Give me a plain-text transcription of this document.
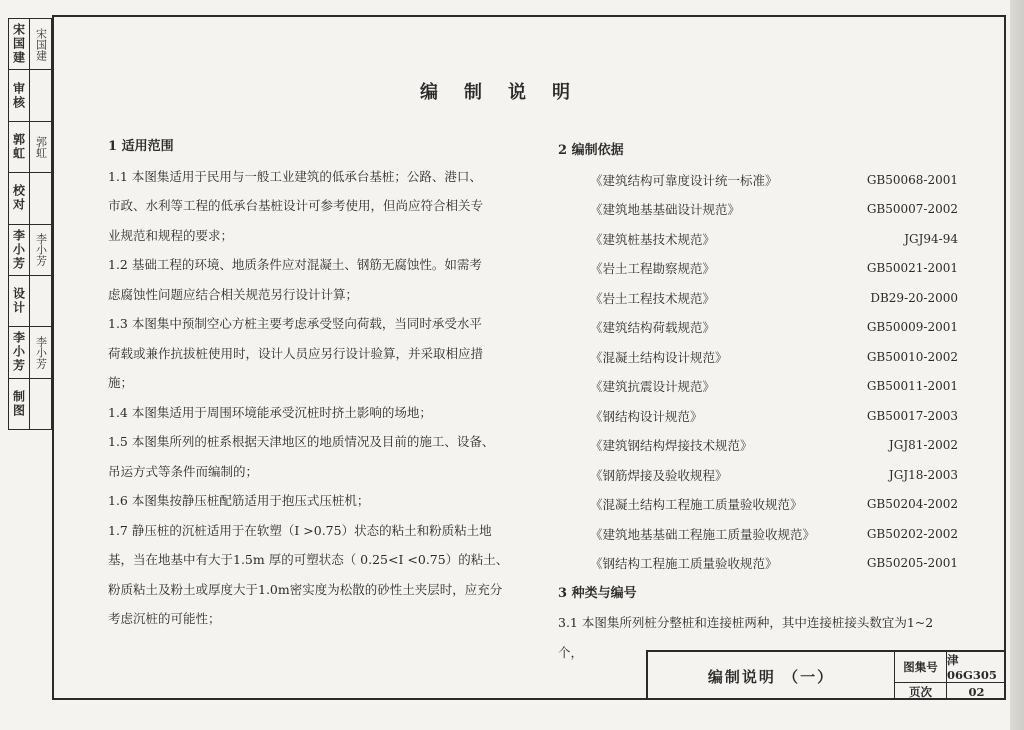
宋国建 宋国建
审核
郭虹 郭虹
校对
李小芳 李小芳
设计
李小芳 李小芳
制图
编制说明
1 适用范围
1.1 本图集适用于民用与一般工业建筑的低承台基桩；公路、港口、
市政、水利等工程的低承台基桩设计可参考使用，但尚应符合相关专
业规范和规程的要求；
1.2 基础工程的环境、地质条件应对混凝土、钢筋无腐蚀性。如需考
虑腐蚀性问题应结合相关规范另行设计计算；
1.3 本图集中预制空心方桩主要考虑承受竖向荷载，当同时承受水平
荷载或兼作抗拔桩使用时，设计人员应另行设计验算，并采取相应措
施；
1.4 本图集适用于周围环境能承受沉桩时挤土影响的场地；
1.5 本图集所列的桩系根据天津地区的地质情况及目前的施工、设备、
吊运方式等条件而编制的；
1.6 本图集按静压桩配筋适用于抱压式压桩机；
1.7 静压桩的沉桩适用于在软塑（I >0.75）状态的粘土和粉质粘土地
基，当在地基中有大于1.5m 厚的可塑状态（ 0.25<I <0.75）的粘土、
粉质粘土及粉土或厚度大于1.0m密实度为松散的砂性土夹层时，应充分
考虑沉桩的可能性；
2 编制依据
《建筑结构可靠度设计统一标准》	GB50068-2001
《建筑地基基础设计规范》	GB50007-2002
《建筑桩基技术规范》	JGJ94-94
《岩土工程勘察规范》	GB50021-2001
《岩土工程技术规范》	DB29-20-2000
《建筑结构荷载规范》	GB50009-2001
《混凝土结构设计规范》	GB50010-2002
《建筑抗震设计规范》	GB50011-2001
《钢结构设计规范》	GB50017-2003
《建筑钢结构焊接技术规范》	JGJ81-2002
《钢筋焊接及验收规程》	JGJ18-2003
《混凝土结构工程施工质量验收规范》	GB50204-2002
《建筑地基基础工程施工质量验收规范》	GB50202-2002
《钢结构工程施工质量验收规范》	GB50205-2001
3 种类与编号
3.1 本图集所列桩分整桩和连接桩两种，其中连接桩接头数宜为1~2个，
编制说明 （一）
图集号 津06G305
页次	02
